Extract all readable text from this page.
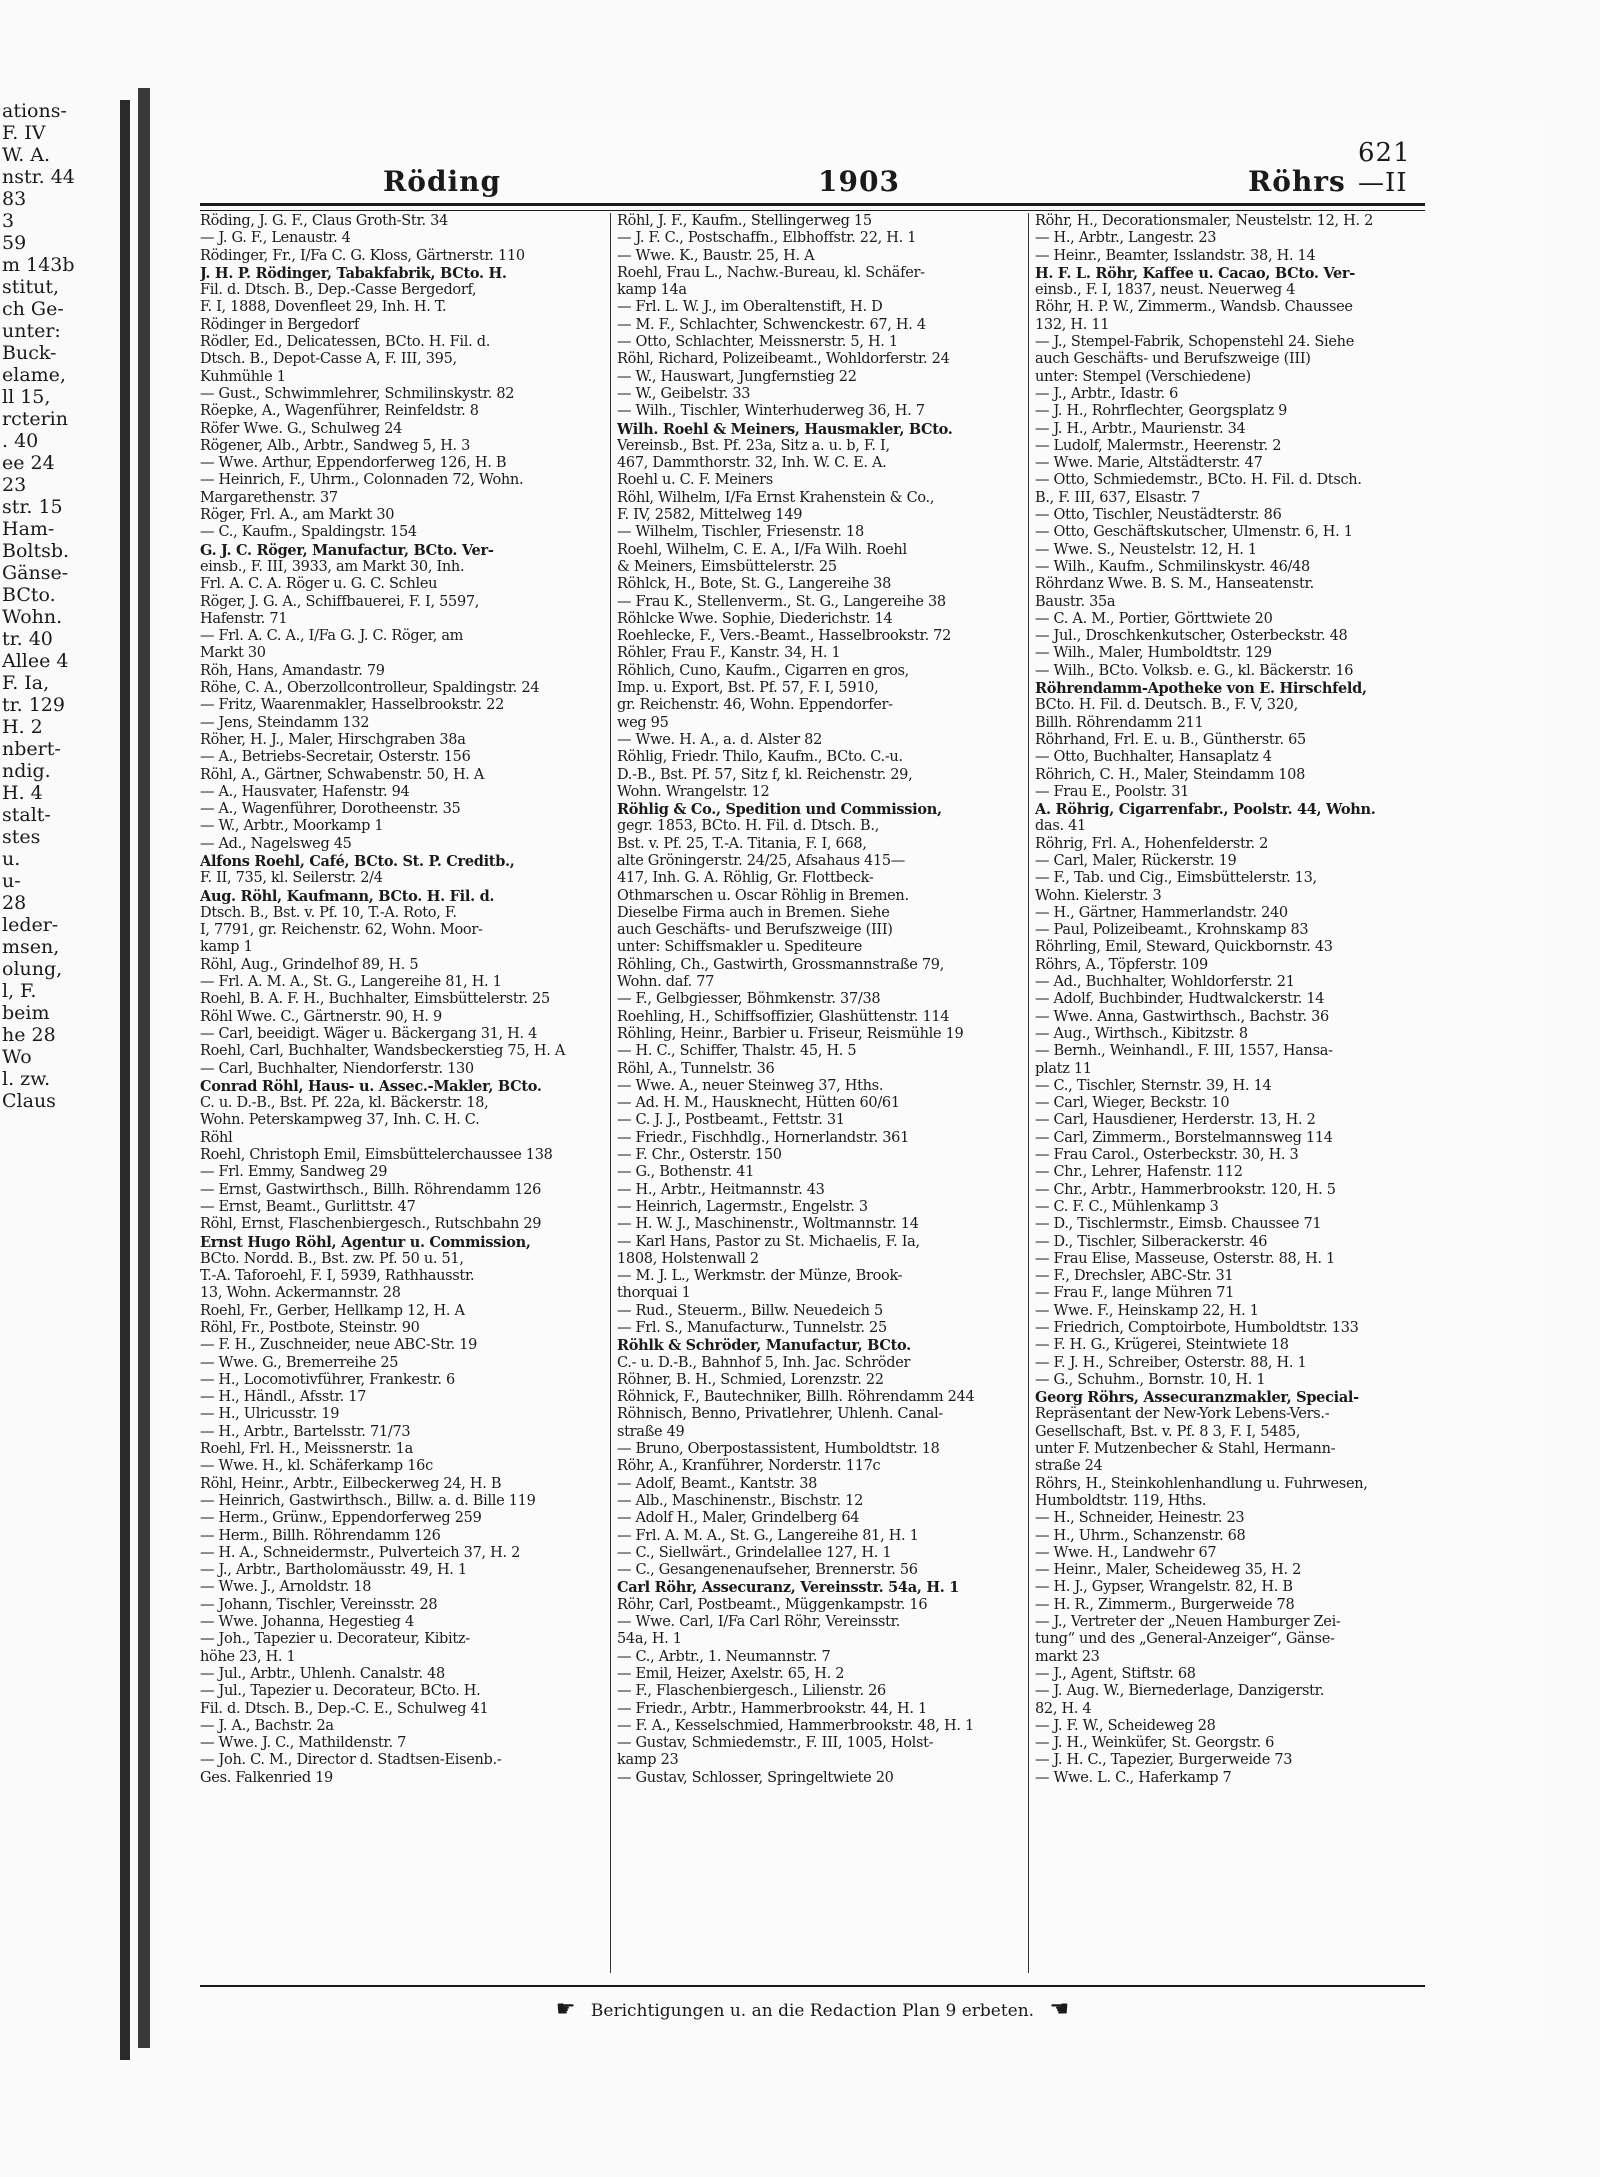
ations-
F. IV
W. A.
nstr. 44
83
3
59
m 143b
stitut,
ch Ge-
unter:
Buck-
elame,
ll 15,
rcterin
. 40
ee 24
23
str. 15
Ham-
Boltsb.
Gänse-
BCto.
Wohn.
tr. 40
Allee 4
F. Ia,
tr. 129
H. 2
nbert-
ndig.
H. 4
stalt-
stes
u.
u-
28
leder-
msen,
olung,
l, F.
beim
he 28
Wo
l. zw.
Claus
Röding	1903	Röhrs
621—II
Röding, J. G. F., Claus Groth-Str. 34
— J. G. F., Lenaustr. 4
Rödinger, Fr., I/Fa C. G. Kloss, Gärtnerstr. 110
J. H. P. Rödinger, Tabakfabrik, BCto. H.
Fil. d. Dtsch. B., Dep.-Casse Bergedorf,
F. I, 1888, Dovenfleet 29, Inh. H. T.
Rödinger in Bergedorf
Rödler, Ed., Delicatessen, BCto. H. Fil. d.
Dtsch. B., Depot-Casse A, F. III, 395,
Kuhmühle 1
— Gust., Schwimmlehrer, Schmilinskystr. 82
Röepke, A., Wagenführer, Reinfeldstr. 8
Röfer Wwe. G., Schulweg 24
Rögener, Alb., Arbtr., Sandweg 5, H. 3
— Wwe. Arthur, Eppendorferweg 126, H. B
— Heinrich, F., Uhrm., Colonnaden 72, Wohn.
Margarethenstr. 37
Röger, Frl. A., am Markt 30
— C., Kaufm., Spaldingstr. 154
G. J. C. Röger, Manufactur, BCto. Ver-
einsb., F. III, 3933, am Markt 30, Inh.
Frl. A. C. A. Röger u. G. C. Schleu
Röger, J. G. A., Schiffbauerei, F. I, 5597,
Hafenstr. 71
— Frl. A. C. A., I/Fa G. J. C. Röger, am
Markt 30
Röh, Hans, Amandastr. 79
Röhe, C. A., Oberzollcontrolleur, Spaldingstr. 24
— Fritz, Waarenmakler, Hasselbrookstr. 22
— Jens, Steindamm 132
Röher, H. J., Maler, Hirschgraben 38a
— A., Betriebs-Secretair, Osterstr. 156
Röhl, A., Gärtner, Schwabenstr. 50, H. A
— A., Hausvater, Hafenstr. 94
— A., Wagenführer, Dorotheenstr. 35
— W., Arbtr., Moorkamp 1
— Ad., Nagelsweg 45
Alfons Roehl, Café, BCto. St. P. Creditb.,
F. II, 735, kl. Seilerstr. 2/4
Aug. Röhl, Kaufmann, BCto. H. Fil. d.
Dtsch. B., Bst. v. Pf. 10, T.-A. Roto, F.
I, 7791, gr. Reichenstr. 62, Wohn. Moor-
kamp 1
Röhl, Aug., Grindelhof 89, H. 5
— Frl. A. M. A., St. G., Langereihe 81, H. 1
Roehl, B. A. F. H., Buchhalter, Eimsbüttelerstr. 25
Röhl Wwe. C., Gärtnerstr. 90, H. 9
— Carl, beeidigt. Wäger u. Bäckergang 31, H. 4
Roehl, Carl, Buchhalter, Wandsbeckerstieg 75, H. A
— Carl, Buchhalter, Niendorferstr. 130
Conrad Röhl, Haus- u. Assec.-Makler, BCto.
C. u. D.-B., Bst. Pf. 22a, kl. Bäckerstr. 18,
Wohn. Peterskampweg 37, Inh. C. H. C.
Röhl
Roehl, Christoph Emil, Eimsbüttelerchaussee 138
— Frl. Emmy, Sandweg 29
— Ernst, Gastwirthsch., Billh. Röhrendamm 126
— Ernst, Beamt., Gurlittstr. 47
Röhl, Ernst, Flaschenbiergesch., Rutschbahn 29
Ernst Hugo Röhl, Agentur u. Commission,
BCto. Nordd. B., Bst. zw. Pf. 50 u. 51,
T.-A. Taforoehl, F. I, 5939, Rathhausstr.
13, Wohn. Ackermannstr. 28
Roehl, Fr., Gerber, Hellkamp 12, H. A
Röhl, Fr., Postbote, Steinstr. 90
— F. H., Zuschneider, neue ABC-Str. 19
— Wwe. G., Bremerreihe 25
— H., Locomotivführer, Frankestr. 6
— H., Händl., Afsstr. 17
— H., Ulricusstr. 19
— H., Arbtr., Bartelsstr. 71/73
Roehl, Frl. H., Meissnerstr. 1a
— Wwe. H., kl. Schäferkamp 16c
Röhl, Heinr., Arbtr., Eilbeckerweg 24, H. B
— Heinrich, Gastwirthsch., Billw. a. d. Bille 119
— Herm., Grünw., Eppendorferweg 259
— Herm., Billh. Röhrendamm 126
— H. A., Schneidermstr., Pulverteich 37, H. 2
— J., Arbtr., Bartholomäusstr. 49, H. 1
— Wwe. J., Arnoldstr. 18
— Johann, Tischler, Vereinsstr. 28
— Wwe. Johanna, Hegestieg 4
— Joh., Tapezier u. Decorateur, Kibitz-
höhe 23, H. 1
— Jul., Arbtr., Uhlenh. Canalstr. 48
— Jul., Tapezier u. Decorateur, BCto. H.
Fil. d. Dtsch. B., Dep.-C. E., Schulweg 41
— J. A., Bachstr. 2a
— Wwe. J. C., Mathildenstr. 7
— Joh. C. M., Director d. Stadtsen-Eisenb.-
Ges. Falkenried 19
Röhl, J. F., Kaufm., Stellingerweg 15
— J. F. C., Postschaffn., Elbhoffstr. 22, H. 1
— Wwe. K., Baustr. 25, H. A
Roehl, Frau L., Nachw.-Bureau, kl. Schäfer-
kamp 14a
— Frl. L. W. J., im Oberaltenstift, H. D
— M. F., Schlachter, Schwenckestr. 67, H. 4
— Otto, Schlachter, Meissnerstr. 5, H. 1
Röhl, Richard, Polizeibeamt., Wohldorferstr. 24
— W., Hauswart, Jungfernstieg 22
— W., Geibelstr. 33
— Wilh., Tischler, Winterhuderweg 36, H. 7
Wilh. Roehl & Meiners, Hausmakler, BCto.
Vereinsb., Bst. Pf. 23a, Sitz a. u. b, F. I,
467, Dammthorstr. 32, Inh. W. C. E. A.
Roehl u. C. F. Meiners
Röhl, Wilhelm, I/Fa Ernst Krahenstein & Co.,
F. IV, 2582, Mittelweg 149
— Wilhelm, Tischler, Friesenstr. 18
Roehl, Wilhelm, C. E. A., I/Fa Wilh. Roehl
& Meiners, Eimsbüttelerstr. 25
Röhlck, H., Bote, St. G., Langereihe 38
— Frau K., Stellenverm., St. G., Langereihe 38
Röhlcke Wwe. Sophie, Diederichstr. 14
Roehlecke, F., Vers.-Beamt., Hasselbrookstr. 72
Röhler, Frau F., Kanstr. 34, H. 1
Röhlich, Cuno, Kaufm., Cigarren en gros,
Imp. u. Export, Bst. Pf. 57, F. I, 5910,
gr. Reichenstr. 46, Wohn. Eppendorfer-
weg 95
— Wwe. H. A., a. d. Alster 82
Röhlig, Friedr. Thilo, Kaufm., BCto. C.-u.
D.-B., Bst. Pf. 57, Sitz f, kl. Reichenstr. 29,
Wohn. Wrangelstr. 12
Röhlig & Co., Spedition und Commission,
gegr. 1853, BCto. H. Fil. d. Dtsch. B.,
Bst. v. Pf. 25, T.-A. Titania, F. I, 668,
alte Gröningerstr. 24/25, Afsahaus 415—
417, Inh. G. A. Röhlig, Gr. Flottbeck-
Othmarschen u. Oscar Röhlig in Bremen.
Dieselbe Firma auch in Bremen. Siehe
auch Geschäfts- und Berufszweige (III)
unter: Schiffsmakler u. Spediteure
Röhling, Ch., Gastwirth, Grossmannstraße 79,
Wohn. daf. 77
— F., Gelbgiesser, Böhmkenstr. 37/38
Roehling, H., Schiffsoffizier, Glashüttenstr. 114
Röhling, Heinr., Barbier u. Friseur, Reismühle 19
— H. C., Schiffer, Thalstr. 45, H. 5
Röhl, A., Tunnelstr. 36
— Wwe. A., neuer Steinweg 37, Hths.
— Ad. H. M., Hausknecht, Hütten 60/61
— C. J. J., Postbeamt., Fettstr. 31
— Friedr., Fischhdlg., Hornerlandstr. 361
— F. Chr., Osterstr. 150
— G., Bothenstr. 41
— H., Arbtr., Heitmannstr. 43
— Heinrich, Lagermstr., Engelstr. 3
— H. W. J., Maschinenstr., Woltmannstr. 14
— Karl Hans, Pastor zu St. Michaelis, F. Ia,
1808, Holstenwall 2
— M. J. L., Werkmstr. der Münze, Brook-
thorquai 1
— Rud., Steuerm., Billw. Neuedeich 5
— Frl. S., Manufacturw., Tunnelstr. 25
Röhlk & Schröder, Manufactur, BCto.
C.- u. D.-B., Bahnhof 5, Inh. Jac. Schröder
Röhner, B. H., Schmied, Lorenzstr. 22
Röhnick, F., Bautechniker, Billh. Röhrendamm 244
Röhnisch, Benno, Privatlehrer, Uhlenh. Canal-
straße 49
— Bruno, Oberpostassistent, Humboldtstr. 18
Röhr, A., Kranführer, Norderstr. 117c
— Adolf, Beamt., Kantstr. 38
— Alb., Maschinenstr., Bischstr. 12
— Adolf H., Maler, Grindelberg 64
— Frl. A. M. A., St. G., Langereihe 81, H. 1
— C., Siellwärt., Grindelallee 127, H. 1
— C., Gesangenenaufseher, Brennerstr. 56
Carl Röhr, Assecuranz, Vereinsstr. 54a, H. 1
Röhr, Carl, Postbeamt., Müggenkampstr. 16
— Wwe. Carl, I/Fa Carl Röhr, Vereinsstr.
54a, H. 1
— C., Arbtr., 1. Neumannstr. 7
— Emil, Heizer, Axelstr. 65, H. 2
— F., Flaschenbiergesch., Lilienstr. 26
— Friedr., Arbtr., Hammerbrookstr. 44, H. 1
— F. A., Kesselschmied, Hammerbrookstr. 48, H. 1
— Gustav, Schmiedemstr., F. III, 1005, Holst-
kamp 23
— Gustav, Schlosser, Springeltwiete 20
Röhr, H., Decorationsmaler, Neustelstr. 12, H. 2
— H., Arbtr., Langestr. 23
— Heinr., Beamter, Isslandstr. 38, H. 14
H. F. L. Röhr, Kaffee u. Cacao, BCto. Ver-
einsb., F. I, 1837, neust. Neuerweg 4
Röhr, H. P. W., Zimmerm., Wandsb. Chaussee
132, H. 11
— J., Stempel-Fabrik, Schopenstehl 24. Siehe
auch Geschäfts- und Berufszweige (III)
unter: Stempel (Verschiedene)
— J., Arbtr., Idastr. 6
— J. H., Rohrflechter, Georgsplatz 9
— J. H., Arbtr., Maurienstr. 34
— Ludolf, Malermstr., Heerenstr. 2
— Wwe. Marie, Altstädterstr. 47
— Otto, Schmiedemstr., BCto. H. Fil. d. Dtsch.
B., F. III, 637, Elsastr. 7
— Otto, Tischler, Neustädterstr. 86
— Otto, Geschäftskutscher, Ulmenstr. 6, H. 1
— Wwe. S., Neustelstr. 12, H. 1
— Wilh., Kaufm., Schmilinskystr. 46/48
Röhrdanz Wwe. B. S. M., Hanseatenstr.
Baustr. 35a
— C. A. M., Portier, Görttwiete 20
— Jul., Droschkenkutscher, Osterbeckstr. 48
— Wilh., Maler, Humboldtstr. 129
— Wilh., BCto. Volksb. e. G., kl. Bäckerstr. 16
Röhrendamm-Apotheke von E. Hirschfeld,
BCto. H. Fil. d. Deutsch. B., F. V, 320,
Billh. Röhrendamm 211
Röhrhand, Frl. E. u. B., Güntherstr. 65
— Otto, Buchhalter, Hansaplatz 4
Röhrich, C. H., Maler, Steindamm 108
— Frau E., Poolstr. 31
A. Röhrig, Cigarrenfabr., Poolstr. 44, Wohn.
das. 41
Röhrig, Frl. A., Hohenfelderstr. 2
— Carl, Maler, Rückerstr. 19
— F., Tab. und Cig., Eimsbüttelerstr. 13,
Wohn. Kielerstr. 3
— H., Gärtner, Hammerlandstr. 240
— Paul, Polizeibeamt., Krohnskamp 83
Röhrling, Emil, Steward, Quickbornstr. 43
Röhrs, A., Töpferstr. 109
— Ad., Buchhalter, Wohldorferstr. 21
— Adolf, Buchbinder, Hudtwalckerstr. 14
— Wwe. Anna, Gastwirthsch., Bachstr. 36
— Aug., Wirthsch., Kibitzstr. 8
— Bernh., Weinhandl., F. III, 1557, Hansa-
platz 11
— C., Tischler, Sternstr. 39, H. 14
— Carl, Wieger, Beckstr. 10
— Carl, Hausdiener, Herderstr. 13, H. 2
— Carl, Zimmerm., Borstelmannsweg 114
— Frau Carol., Osterbeckstr. 30, H. 3
— Chr., Lehrer, Hafenstr. 112
— Chr., Arbtr., Hammerbrookstr. 120, H. 5
— C. F. C., Mühlenkamp 3
— D., Tischlermstr., Eimsb. Chaussee 71
— D., Tischler, Silberackerstr. 46
— Frau Elise, Masseuse, Osterstr. 88, H. 1
— F., Drechsler, ABC-Str. 31
— Frau F., lange Mühren 71
— Wwe. F., Heinskamp 22, H. 1
— Friedrich, Comptoirbote, Humboldtstr. 133
— F. H. G., Krügerei, Steintwiete 18
— F. J. H., Schreiber, Osterstr. 88, H. 1
— G., Schuhm., Bornstr. 10, H. 1
Georg Röhrs, Assecuranzmakler, Special-
Repräsentant der New-York Lebens-Vers.-
Gesellschaft, Bst. v. Pf. 8 3, F. I, 5485,
unter F. Mutzenbecher & Stahl, Hermann-
straße 24
Röhrs, H., Steinkohlenhandlung u. Fuhrwesen,
Humboldtstr. 119, Hths.
— H., Schneider, Heinestr. 23
— H., Uhrm., Schanzenstr. 68
— Wwe. H., Landwehr 67
— Heinr., Maler, Scheideweg 35, H. 2
— H. J., Gypser, Wrangelstr. 82, H. B
— H. R., Zimmerm., Burgerweide 78
— J., Vertreter der „Neuen Hamburger Zei-
tung“ und des „General-Anzeiger“, Gänse-
markt 23
— J., Agent, Stiftstr. 68
— J. Aug. W., Biernederlage, Danzigerstr.
82, H. 4
— J. F. W., Scheideweg 28
— J. H., Weinküfer, St. Georgstr. 6
— J. H. C., Tapezier, Burgerweide 73
— Wwe. L. C., Haferkamp 7
☛ Berichtigungen u. an die Redaction Plan 9 erbeten. ☚
